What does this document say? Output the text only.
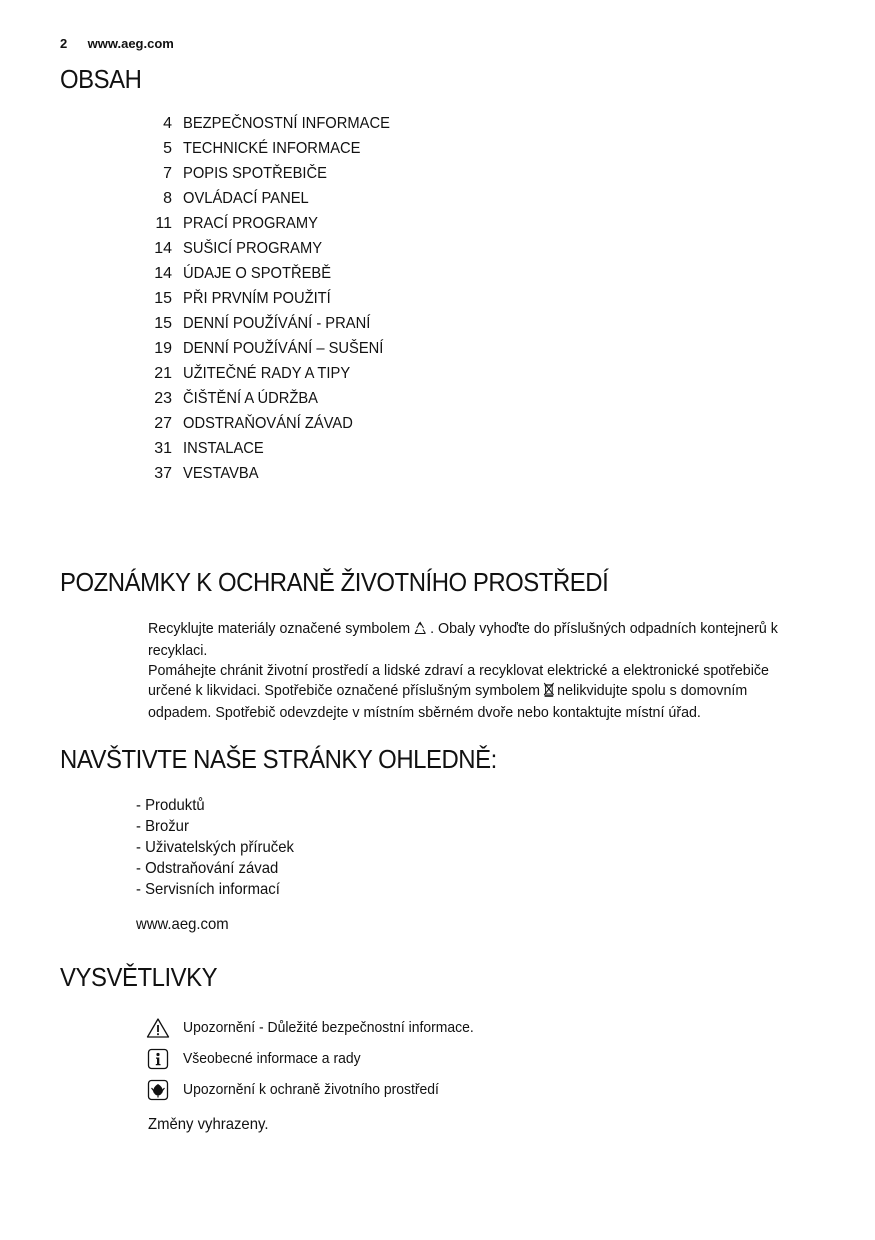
2 www.aeg.com
OBSAH
4 BEZPEČNOSTNÍ INFORMACE
5 TECHNICKÉ INFORMACE
7 POPIS SPOTŘEBIČE
8 OVLÁDACÍ PANEL
11 PRACÍ PROGRAMY
14 SUŠICÍ PROGRAMY
14 ÚDAJE O SPOTŘEBĚ
15 PŘI PRVNÍM POUŽITÍ
15 DENNÍ POUŽÍVÁNÍ - PRANÍ
19 DENNÍ POUŽÍVÁNÍ – SUŠENÍ
21 UŽITEČNÉ RADY A TIPY
23 ČIŠTĚNÍ A ÚDRŽBA
27 ODSTRAŇOVÁNÍ ZÁVAD
31 INSTALACE
37 VESTAVBA
POZNÁMKY K OCHRANĚ ŽIVOTNÍHO PROSTŘEDÍ

Recyklujte materiály označené symbolem . Obaly vyhoďte do příslušných odpadních kontejnerů k recyklaci.

Pomáhejte chránit životní prostředí a lidské zdraví a recyklovat elektrické a elektronické spotřebiče určené k likvidaci. Spotřebiče označené příslušným symbolem nelikvidujte spolu s domovním odpadem. Spotřebič odevzdejte v místním sběrném dvoře nebo kontaktujte místní úřad.

NAVŠTIVTE NAŠE STRÁNKY OHLEDNĚ:
- Produktů
- Brožur
- Uživatelských příruček
- Odstraňování závad
- Servisních informací
www.aeg.com
VYSVĚTLIVKY
Upozornění - Důležité bezpečnostní informace.
Všeobecné informace a rady
Upozornění k ochraně životního prostředí
Změny vyhrazeny.
